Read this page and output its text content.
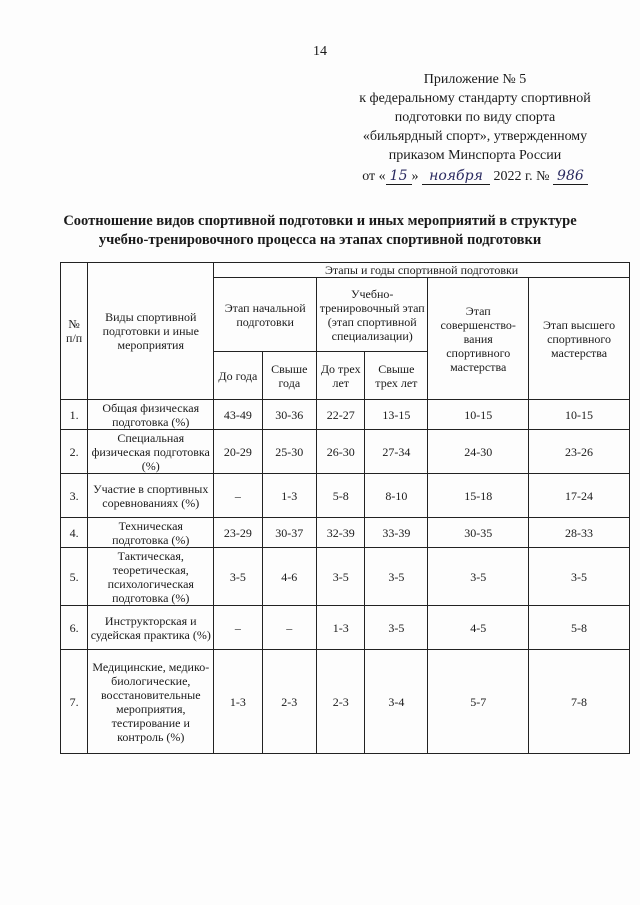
14
Приложение № 5
к федеральному стандарту спортивной
подготовки по виду спорта
«бильярдный спорт», утвержденному
приказом Минспорта России
от « 15 » ноября 2022 г. № 986
Соотношение видов спортивной подготовки и иных мероприятий в структуре
учебно-тренировочного процесса на этапах спортивной подготовки
№ п/п	Виды спортивной подготовки и иные мероприятия	Этапы и годы спортивной подготовки					
		Этап начальной подготовки		Учебно-тренировочный этап (этап спортивной специализации)		Этап совершенство-вания спортивного мастерства	Этап высшего спортивного мастерства
		До года	Свыше года	До трех лет	Свыше трех лет		
1.	Общая физическая подготовка (%)	43-49	30-36	22-27	13-15	10-15	10-15
2.	Специальная физическая подготовка (%)	20-29	25-30	26-30	27-34	24-30	23-26
3.	Участие в спортивных соревнованиях (%)	–	1-3	5-8	8-10	15-18	17-24
4.	Техническая подготовка (%)	23-29	30-37	32-39	33-39	30-35	28-33
5.	Тактическая, теоретическая, психологическая подготовка (%)	3-5	4-6	3-5	3-5	3-5	3-5
6.	Инструкторская и судейская практика (%)	–	–	1-3	3-5	4-5	5-8
7.	Медицинские, медико-биологические, восстановительные мероприятия, тестирование и контроль (%)	1-3	2-3	2-3	3-4	5-7	7-8
